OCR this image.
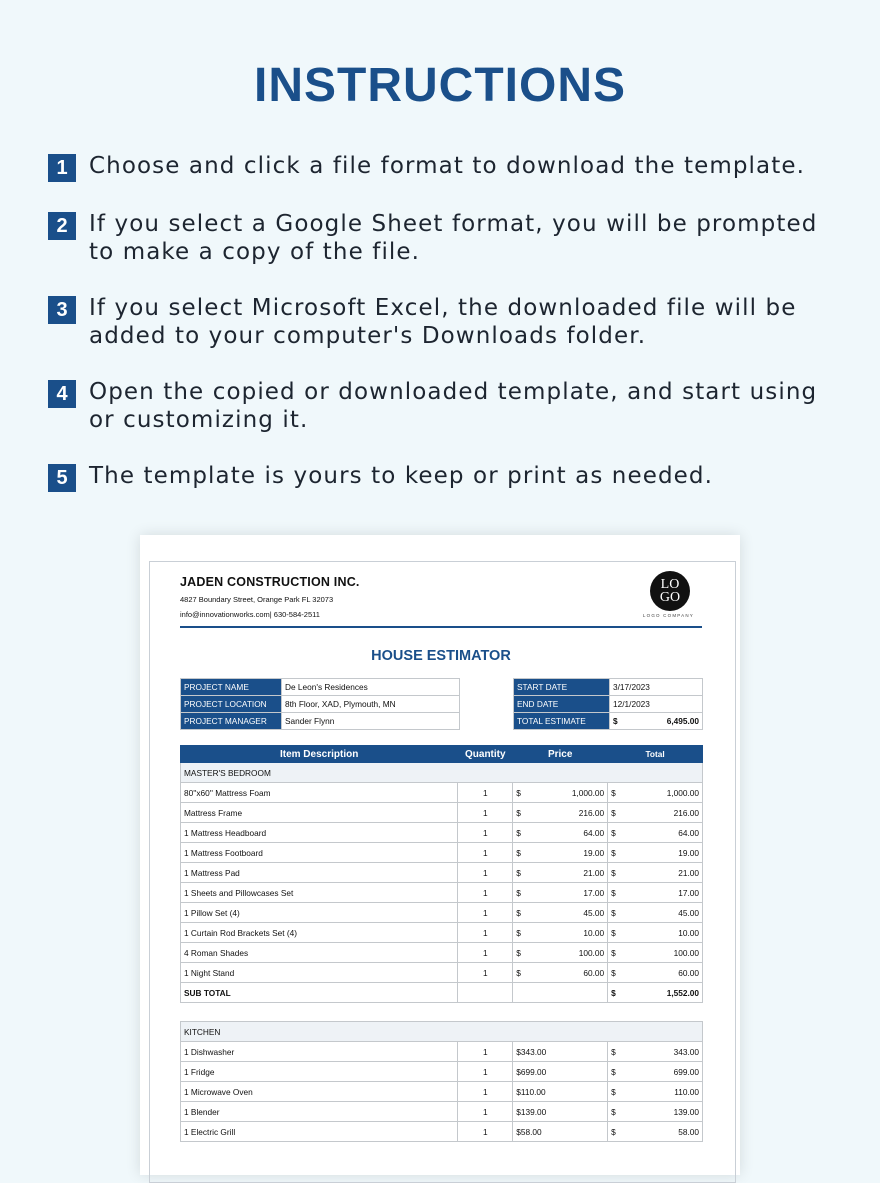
INSTRUCTIONS
1 Choose and click a file format to download the template.
2 If you select a Google Sheet format, you will be prompted to make a copy of the file.
3 If you select Microsoft Excel, the downloaded file will be added to your computer's Downloads folder.
4 Open the copied or downloaded template, and start using or customizing it.
5 The template is yours to keep or print as needed.
JADEN CONSTRUCTION INC.
4827 Boundary Street, Orange Park FL 32073
info@innovationworks.com| 630-584-2511
LO
GO
LOGO COMPANY
HOUSE ESTIMATOR
PROJECT NAME	De Leon's Residences
PROJECT LOCATION	8th Floor, XAD, Plymouth, MN
PROJECT MANAGER	Sander Flynn
START DATE	3/17/2023	
END DATE	12/1/2023	
TOTAL ESTIMATE	$	6,495.00
Item Description	Quantity	Price		Total	
MASTER'S BEDROOM					
80''x60'' Mattress Foam	1	$	1,000.00	$	1,000.00
Mattress Frame	1	$	216.00	$	216.00
1 Mattress Headboard	1	$	64.00	$	64.00
1 Mattress Footboard	1	$	19.00	$	19.00
1 Mattress Pad	1	$	21.00	$	21.00
1 Sheets and Pillowcases Set	1	$	17.00	$	17.00
1 Pillow Set (4)	1	$	45.00	$	45.00
1 Curtain Rod Brackets Set (4)	1	$	10.00	$	10.00
4 Roman Shades	1	$	100.00	$	100.00
1 Night Stand	1	$	60.00	$	60.00
SUB TOTAL				$	1,552.00

KITCHEN					
1 Dishwasher	1	$343.00		$	343.00
1 Fridge	1	$699.00		$	699.00
1 Microwave Oven	1	$110.00		$	110.00
1 Blender	1	$139.00		$	139.00
1 Electric Grill	1	$58.00		$	58.00
